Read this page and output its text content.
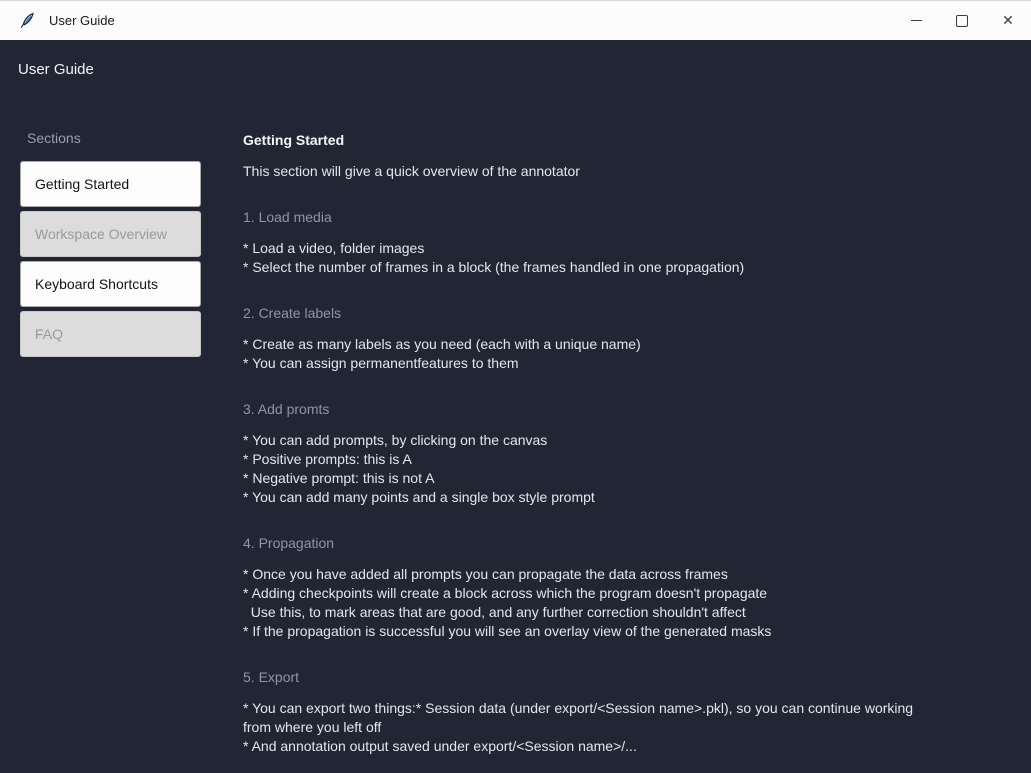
User Guide	✕
User Guide
Sections
Getting Started
Workspace Overview
Keyboard Shortcuts
FAQ
Getting Started
This section will give a quick overview of the annotator
1. Load media
* Load a video, folder images
* Select the number of frames in a block (the frames handled in one propagation)
2. Create labels
* Create as many labels as you need (each with a unique name)
* You can assign permanentfeatures to them
3. Add promts
* You can add prompts, by clicking on the canvas
* Positive prompts: this is A
* Negative prompt: this is not A
* You can add many points and a single box style prompt
4. Propagation
* Once you have added all prompts you can propagate the data across frames
* Adding checkpoints will create a block across which the program doesn't propagate
Use this, to mark areas that are good, and any further correction shouldn't affect
* If the propagation is successful you will see an overlay view of the generated masks
5. Export
* You can export two things:* Session data (under export/<Session name>.pkl), so you can continue working
from where you left off
* And annotation output saved under export/<Session name>/...
